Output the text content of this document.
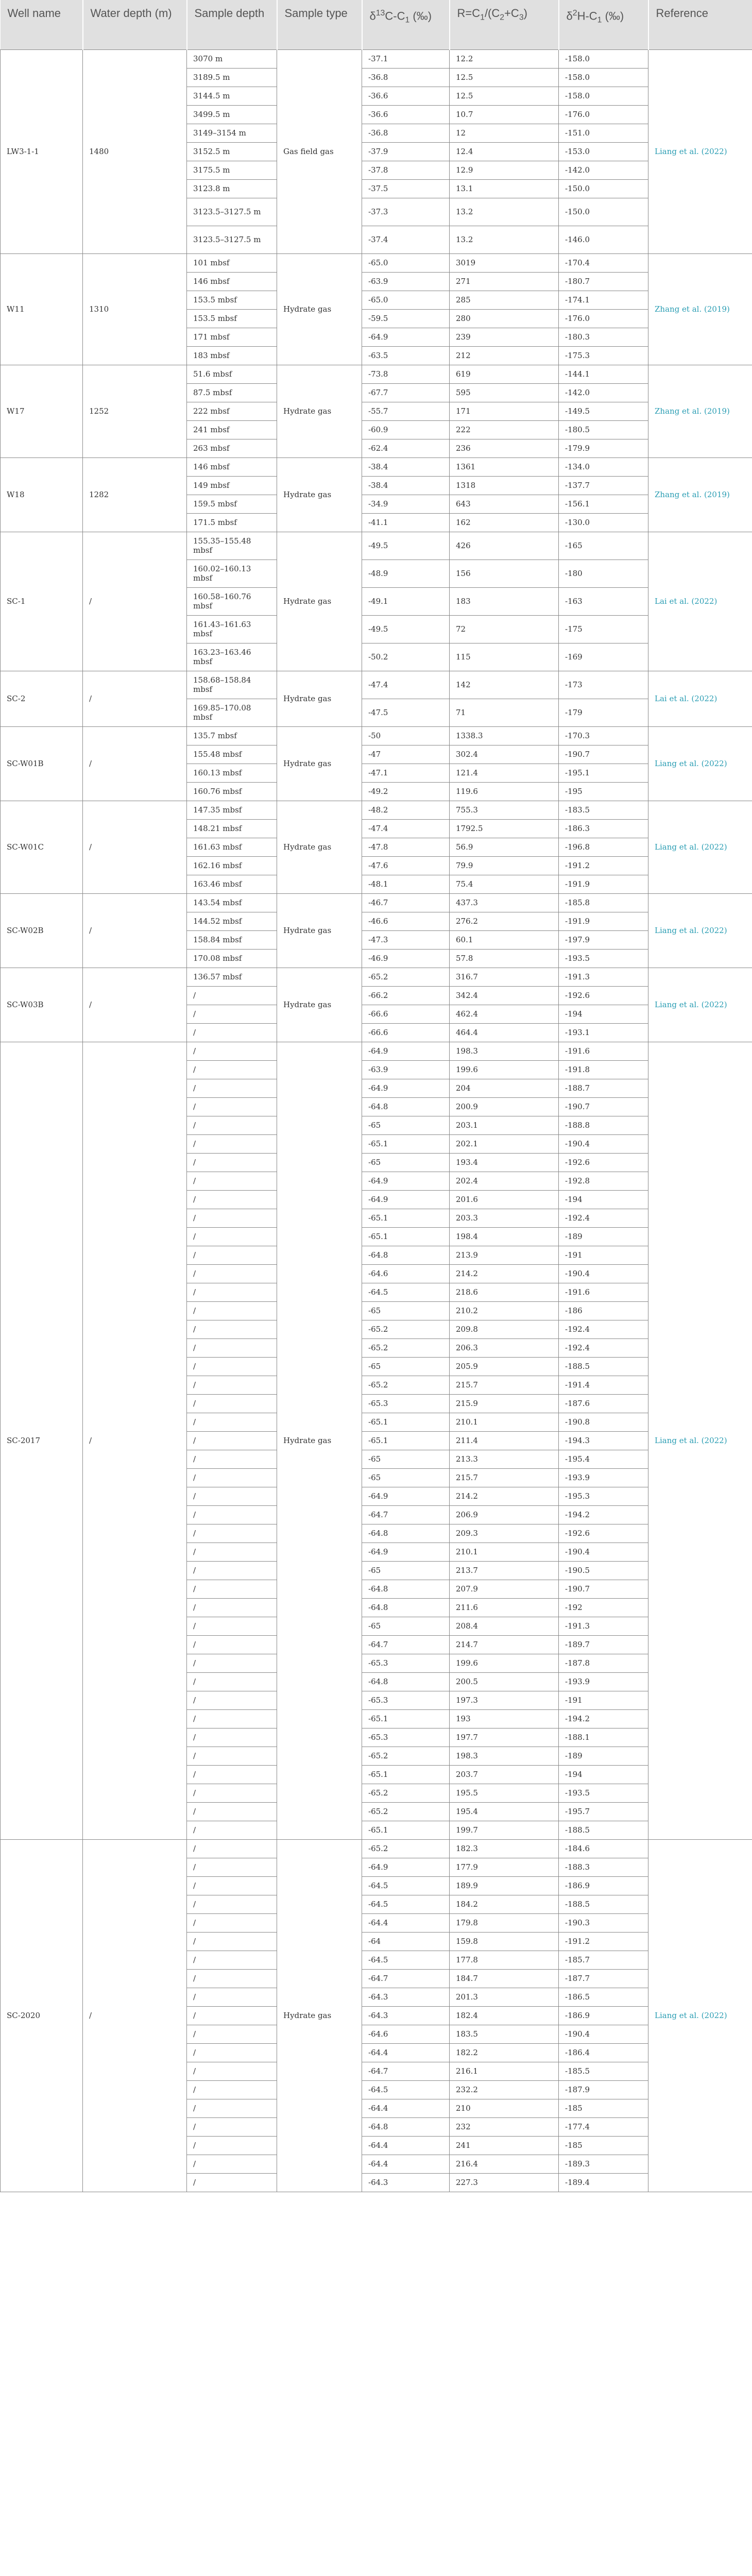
Well name	Water depth (m)	Sample depth	Sample type	$\delta^{13}C-C_1$ (‰)	$R=C_1/(C_2+C_3)$	$\delta^2H-C_1$ (‰)	Reference
LW3-1-1	1480	3070 m	Gas field gas	-37.1	12.2	-158.0	Liang et al. (2022)
		3189.5 m		-36.8	12.5	-158.0	
		3144.5 m		-36.6	12.5	-158.0	
		3499.5 m		-36.6	10.7	-176.0	
		3149–3154 m		-36.8	12	-151.0	
		3152.5 m		-37.9	12.4	-153.0	
		3175.5 m		-37.8	12.9	-142.0	
		3123.8 m		-37.5	13.1	-150.0	
		3123.5–3127.5 m		-37.3	13.2	-150.0	
		3123.5–3127.5 m		-37.4	13.2	-146.0	
W11	1310	101 mbsf	Hydrate gas	-65.0	3019	-170.4	Zhang et al. (2019)
		146 mbsf		-63.9	271	-180.7	
		153.5 mbsf		-65.0	285	-174.1	
		153.5 mbsf		-59.5	280	-176.0	
		171 mbsf		-64.9	239	-180.3	
		183 mbsf		-63.5	212	-175.3	
W17	1252	51.6 mbsf	Hydrate gas	-73.8	619	-144.1	Zhang et al. (2019)
		87.5 mbsf		-67.7	595	-142.0	
		222 mbsf		-55.7	171	-149.5	
		241 mbsf		-60.9	222	-180.5	
		263 mbsf		-62.4	236	-179.9	
W18	1282	146 mbsf	Hydrate gas	-38.4	1361	-134.0	Zhang et al. (2019)
		149 mbsf		-38.4	1318	-137.7	
		159.5 mbsf		-34.9	643	-156.1	
		171.5 mbsf		-41.1	162	-130.0	
SC-1	/	155.35–155.48 mbsf	Hydrate gas	-49.5	426	-165	Lai et al. (2022)
		160.02–160.13 mbsf		-48.9	156	-180	
		160.58–160.76 mbsf		-49.1	183	-163	
		161.43–161.63 mbsf		-49.5	72	-175	
		163.23–163.46 mbsf		-50.2	115	-169	
SC-2	/	158.68–158.84 mbsf	Hydrate gas	-47.4	142	-173	Lai et al. (2022)
		169.85–170.08 mbsf		-47.5	71	-179	
SC-W01B	/	135.7 mbsf	Hydrate gas	-50	1338.3	-170.3	Liang et al. (2022)
		155.48 mbsf		-47	302.4	-190.7	
		160.13 mbsf		-47.1	121.4	-195.1	
		160.76 mbsf		-49.2	119.6	-195	
SC-W01C	/	147.35 mbsf	Hydrate gas	-48.2	755.3	-183.5	Liang et al. (2022)
		148.21 mbsf		-47.4	1792.5	-186.3	
		161.63 mbsf		-47.8	56.9	-196.8	
		162.16 mbsf		-47.6	79.9	-191.2	
		163.46 mbsf		-48.1	75.4	-191.9	
SC-W02B	/	143.54 mbsf	Hydrate gas	-46.7	437.3	-185.8	Liang et al. (2022)
		144.52 mbsf		-46.6	276.2	-191.9	
		158.84 mbsf		-47.3	60.1	-197.9	
		170.08 mbsf		-46.9	57.8	-193.5	
SC-W03B	/	136.57 mbsf	Hydrate gas	-65.2	316.7	-191.3	Liang et al. (2022)
		/		-66.2	342.4	-192.6	
		/		-66.6	462.4	-194	
		/		-66.6	464.4	-193.1	
SC-2017	/	/	Hydrate gas	-64.9	198.3	-191.6	Liang et al. (2022)
		/		-63.9	199.6	-191.8	
		/		-64.9	204	-188.7	
		/		-64.8	200.9	-190.7	
		/		-65	203.1	-188.8	
		/		-65.1	202.1	-190.4	
		/		-65	193.4	-192.6	
		/		-64.9	202.4	-192.8	
		/		-64.9	201.6	-194	
		/		-65.1	203.3	-192.4	
		/		-65.1	198.4	-189	
		/		-64.8	213.9	-191	
		/		-64.6	214.2	-190.4	
		/		-64.5	218.6	-191.6	
		/		-65	210.2	-186	
		/		-65.2	209.8	-192.4	
		/		-65.2	206.3	-192.4	
		/		-65	205.9	-188.5	
		/		-65.2	215.7	-191.4	
		/		-65.3	215.9	-187.6	
		/		-65.1	210.1	-190.8	
		/		-65.1	211.4	-194.3	
		/		-65	213.3	-195.4	
		/		-65	215.7	-193.9	
		/		-64.9	214.2	-195.3	
		/		-64.7	206.9	-194.2	
		/		-64.8	209.3	-192.6	
		/		-64.9	210.1	-190.4	
		/		-65	213.7	-190.5	
		/		-64.8	207.9	-190.7	
		/		-64.8	211.6	-192	
		/		-65	208.4	-191.3	
		/		-64.7	214.7	-189.7	
		/		-65.3	199.6	-187.8	
		/		-64.8	200.5	-193.9	
		/		-65.3	197.3	-191	
		/		-65.1	193	-194.2	
		/		-65.3	197.7	-188.1	
		/		-65.2	198.3	-189	
		/		-65.1	203.7	-194	
		/		-65.2	195.5	-193.5	
		/		-65.2	195.4	-195.7	
		/		-65.1	199.7	-188.5	
SC-2020	/	/	Hydrate gas	-65.2	182.3	-184.6	Liang et al. (2022)
		/		-64.9	177.9	-188.3	
		/		-64.5	189.9	-186.9	
		/		-64.5	184.2	-188.5	
		/		-64.4	179.8	-190.3	
		/		-64	159.8	-191.2	
		/		-64.5	177.8	-185.7	
		/		-64.7	184.7	-187.7	
		/		-64.3	201.3	-186.5	
		/		-64.3	182.4	-186.9	
		/		-64.6	183.5	-190.4	
		/		-64.4	182.2	-186.4	
		/		-64.7	216.1	-185.5	
		/		-64.5	232.2	-187.9	
		/		-64.4	210	-185	
		/		-64.8	232	-177.4	
		/		-64.4	241	-185	
		/		-64.4	216.4	-189.3	
		/		-64.3	227.3	-189.4	
